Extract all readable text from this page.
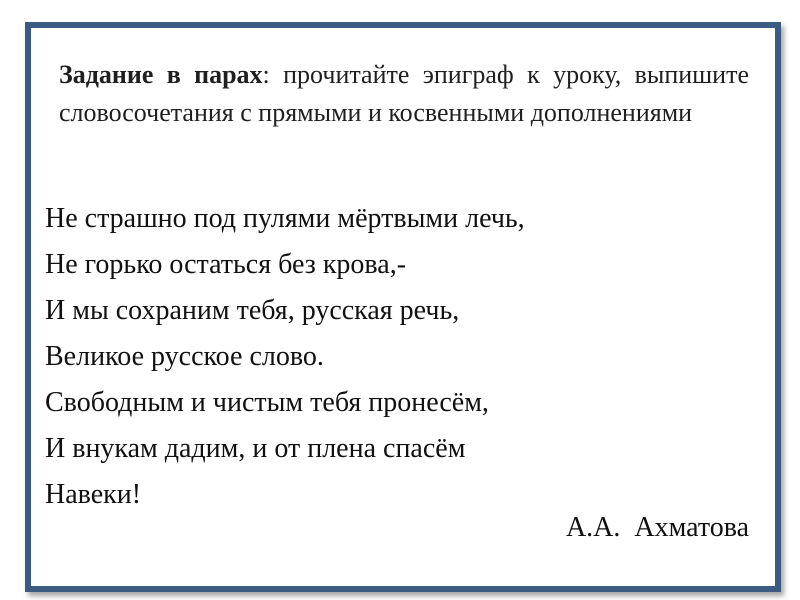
Задание в парах: прочитайте эпиграф к уроку, выпишите словосочетания с прямыми и косвенными дополнениями
Не страшно под пулями мёртвыми лечь,
Не горько остаться без крова,-
И мы сохраним тебя, русская речь,
Великое русское слово.
Свободным и чистым тебя пронесём,
И внукам дадим, и от плена спасём
Навеки!
А.А.  Ахматова
